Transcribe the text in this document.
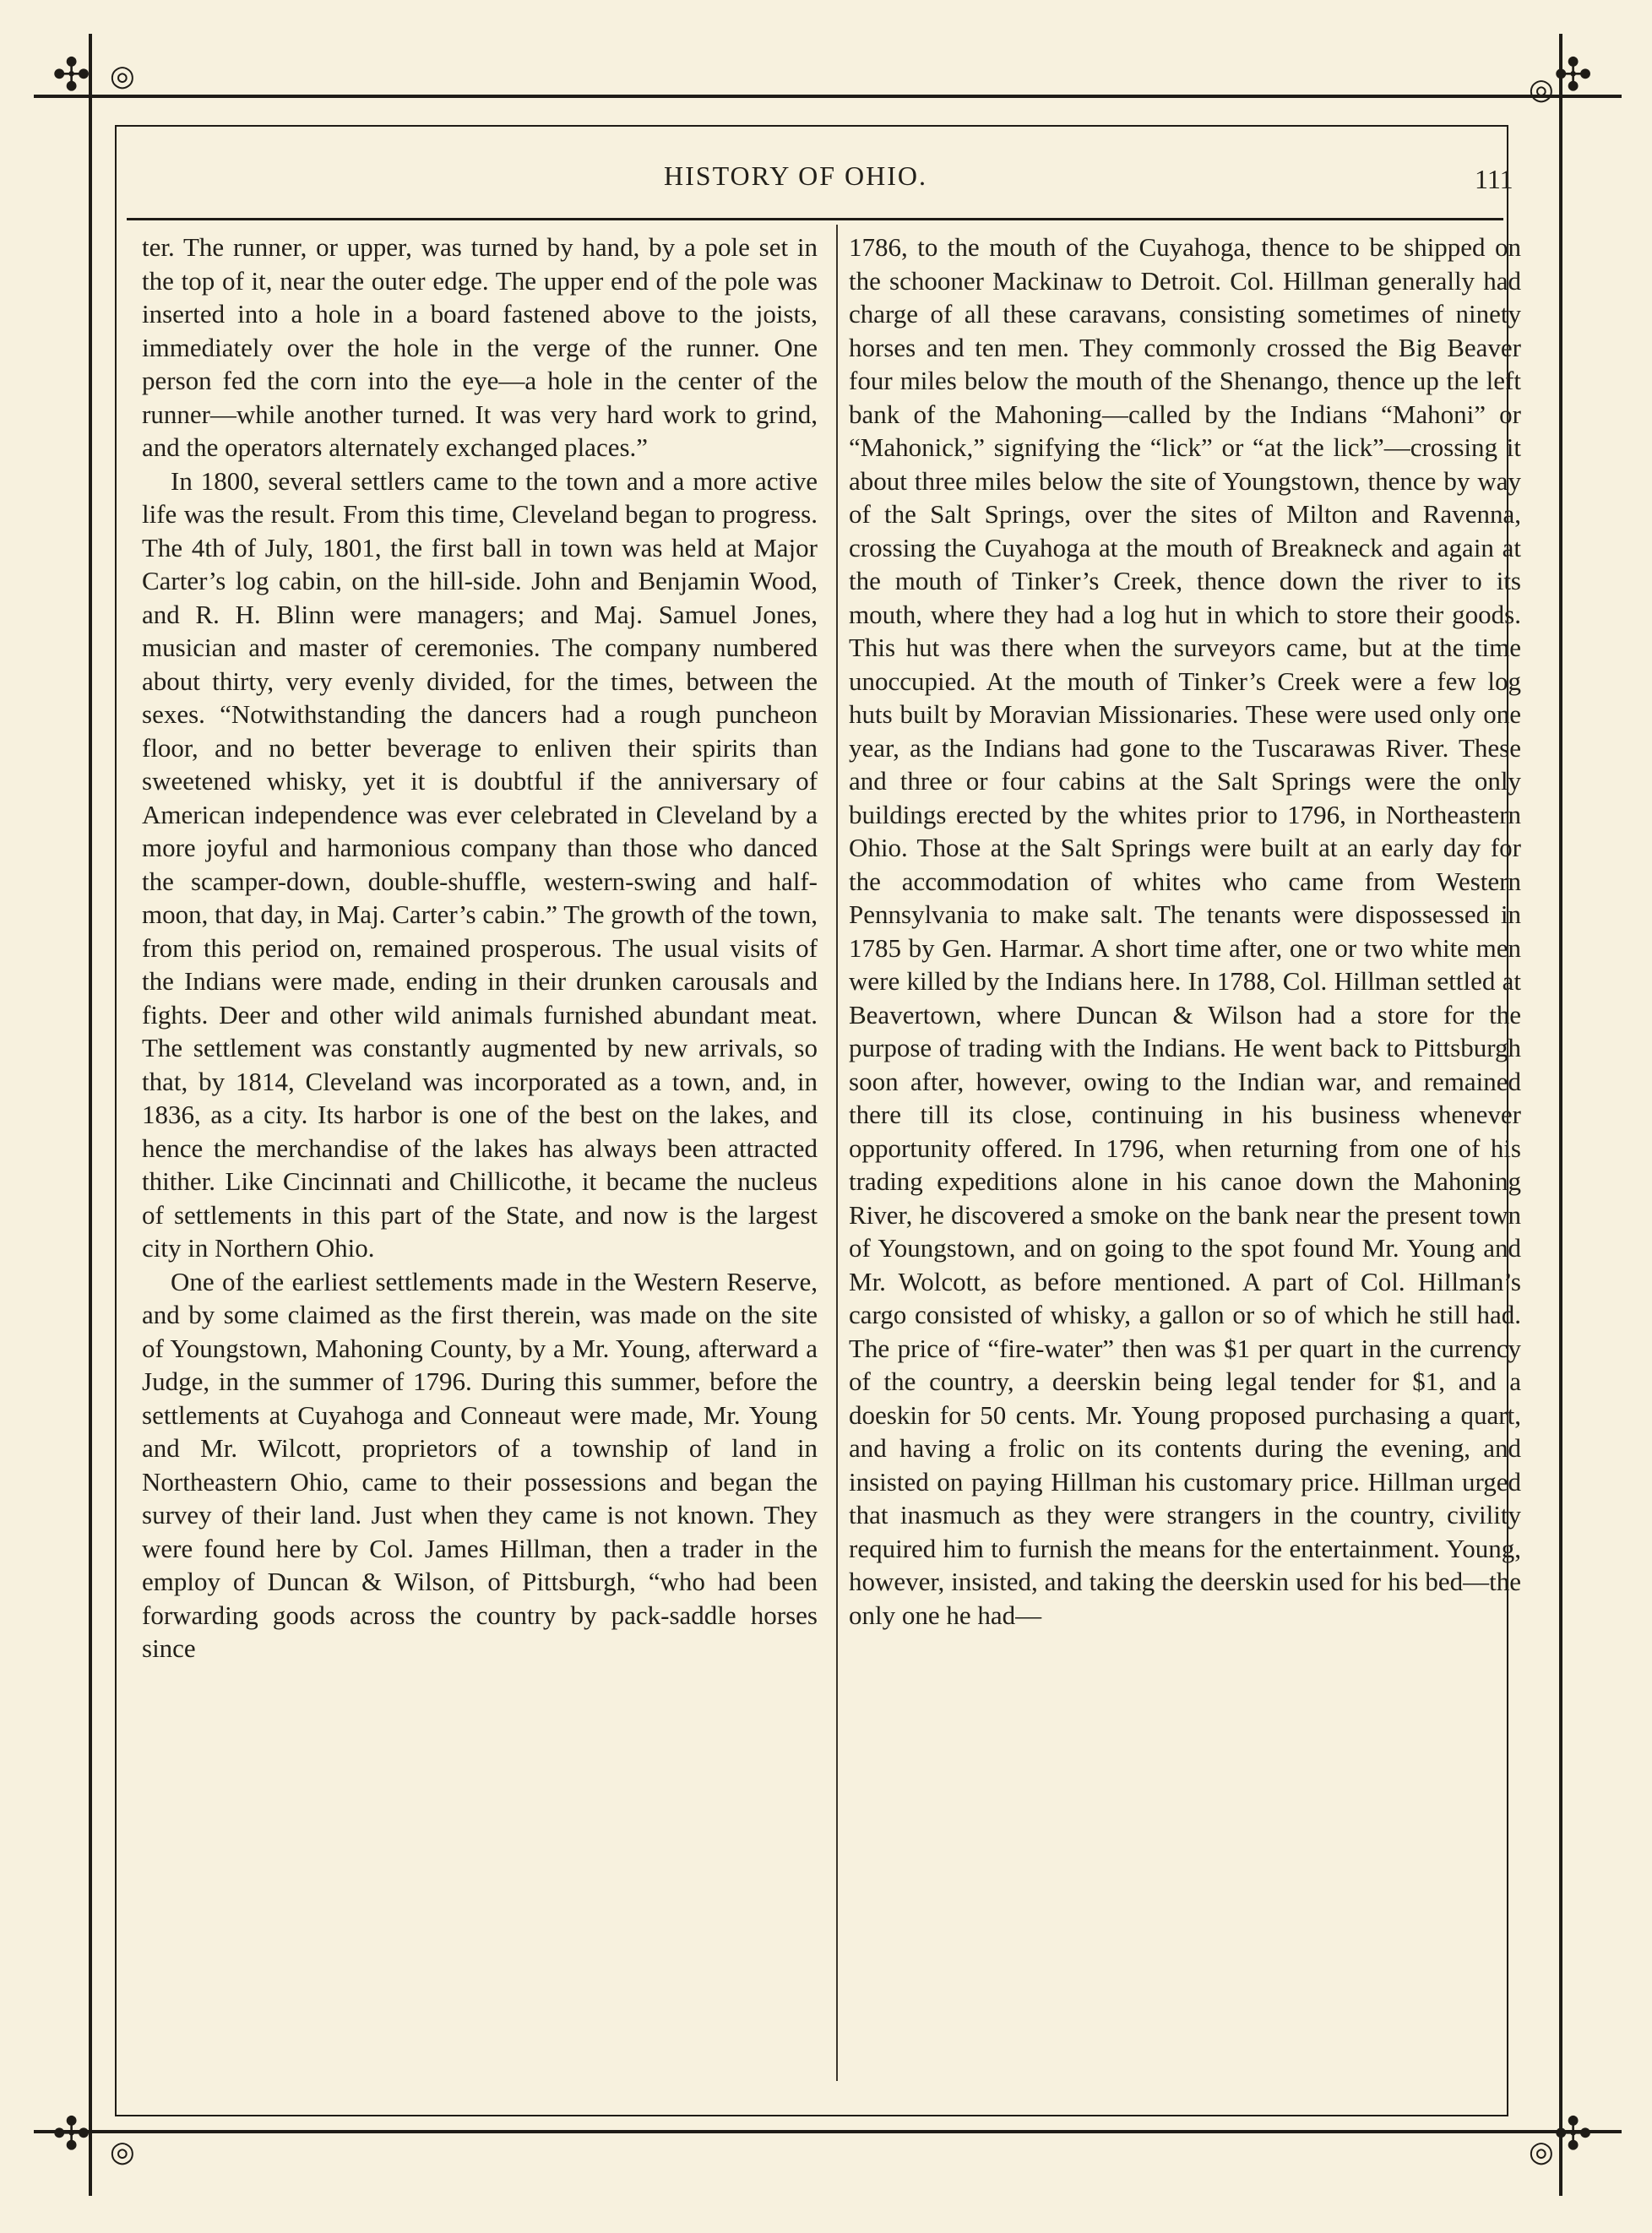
✣	✣
✣	✣
◎	◎
◎	◎
HISTORY OF OHIO.	111

ter. The runner, or upper, was turned by hand, by a pole set in the top of it, near the outer edge. The upper end of the pole was inserted into a hole in a board fastened above to the joists, immediately over the hole in the verge of the runner. One person fed the corn into the eye—a hole in the center of the runner—while another turned. It was very hard work to grind, and the operators alternately exchanged places.”

In 1800, several settlers came to the town and a more active life was the result. From this time, Cleveland began to progress. The 4th of July, 1801, the first ball in town was held at Major Carter’s log cabin, on the hill-side. John and Benjamin Wood, and R. H. Blinn were managers; and Maj. Samuel Jones, musician and master of ceremonies. The company numbered about thirty, very evenly divided, for the times, between the sexes. “Notwithstanding the dancers had a rough puncheon floor, and no better beverage to enliven their spirits than sweetened whisky, yet it is doubtful if the anniversary of American independence was ever celebrated in Cleveland by a more joyful and harmonious company than those who danced the scamper-down, double-shuffle, western-swing and half-moon, that day, in Maj. Carter’s cabin.” The growth of the town, from this period on, remained prosperous. The usual visits of the Indians were made, ending in their drunken carousals and fights. Deer and other wild animals furnished abundant meat. The settlement was constantly augmented by new arrivals, so that, by 1814, Cleveland was incorporated as a town, and, in 1836, as a city. Its harbor is one of the best on the lakes, and hence the merchandise of the lakes has always been attracted thither. Like Cincinnati and Chillicothe, it became the nucleus of settlements in this part of the State, and now is the largest city in Northern Ohio.

One of the earliest settlements made in the Western Reserve, and by some claimed as the first therein, was made on the site of Youngstown, Mahoning County, by a Mr. Young, afterward a Judge, in the summer of 1796. During this summer, before the settlements at Cuyahoga and Conneaut were made, Mr. Young and Mr. Wilcott, proprietors of a township of land in Northeastern Ohio, came to their possessions and began the survey of their land. Just when they came is not known. They were found here by Col. James Hillman, then a trader in the employ of Duncan & Wilson, of Pittsburgh, “who had been forwarding goods across the country by pack-saddle horses since

1786, to the mouth of the Cuyahoga, thence to be shipped on the schooner Mackinaw to Detroit. Col. Hillman generally had charge of all these caravans, consisting sometimes of ninety horses and ten men. They commonly crossed the Big Beaver four miles below the mouth of the Shenango, thence up the left bank of the Mahoning—called by the Indians “Mahoni” or “Mahonick,” signifying the “lick” or “at the lick”—crossing it about three miles below the site of Youngstown, thence by way of the Salt Springs, over the sites of Milton and Ravenna, crossing the Cuyahoga at the mouth of Breakneck and again at the mouth of Tinker’s Creek, thence down the river to its mouth, where they had a log hut in which to store their goods. This hut was there when the surveyors came, but at the time unoccupied. At the mouth of Tinker’s Creek were a few log huts built by Moravian Missionaries. These were used only one year, as the Indians had gone to the Tuscarawas River. These and three or four cabins at the Salt Springs were the only buildings erected by the whites prior to 1796, in Northeastern Ohio. Those at the Salt Springs were built at an early day for the accommodation of whites who came from Western Pennsylvania to make salt. The tenants were dispossessed in 1785 by Gen. Harmar. A short time after, one or two white men were killed by the Indians here. In 1788, Col. Hillman settled at Beavertown, where Duncan & Wilson had a store for the purpose of trading with the Indians. He went back to Pittsburgh soon after, however, owing to the Indian war, and remained there till its close, continuing in his business whenever opportunity offered. In 1796, when returning from one of his trading expeditions alone in his canoe down the Mahoning River, he discovered a smoke on the bank near the present town of Youngstown, and on going to the spot found Mr. Young and Mr. Wolcott, as before mentioned. A part of Col. Hillman’s cargo consisted of whisky, a gallon or so of which he still had. The price of “fire-water” then was $1 per quart in the currency of the country, a deerskin being legal tender for $1, and a doeskin for 50 cents. Mr. Young proposed purchasing a quart, and having a frolic on its contents during the evening, and insisted on paying Hillman his customary price. Hillman urged that inasmuch as they were strangers in the country, civility required him to furnish the means for the entertainment. Young, however, insisted, and taking the deerskin used for his bed—the only one he had—
